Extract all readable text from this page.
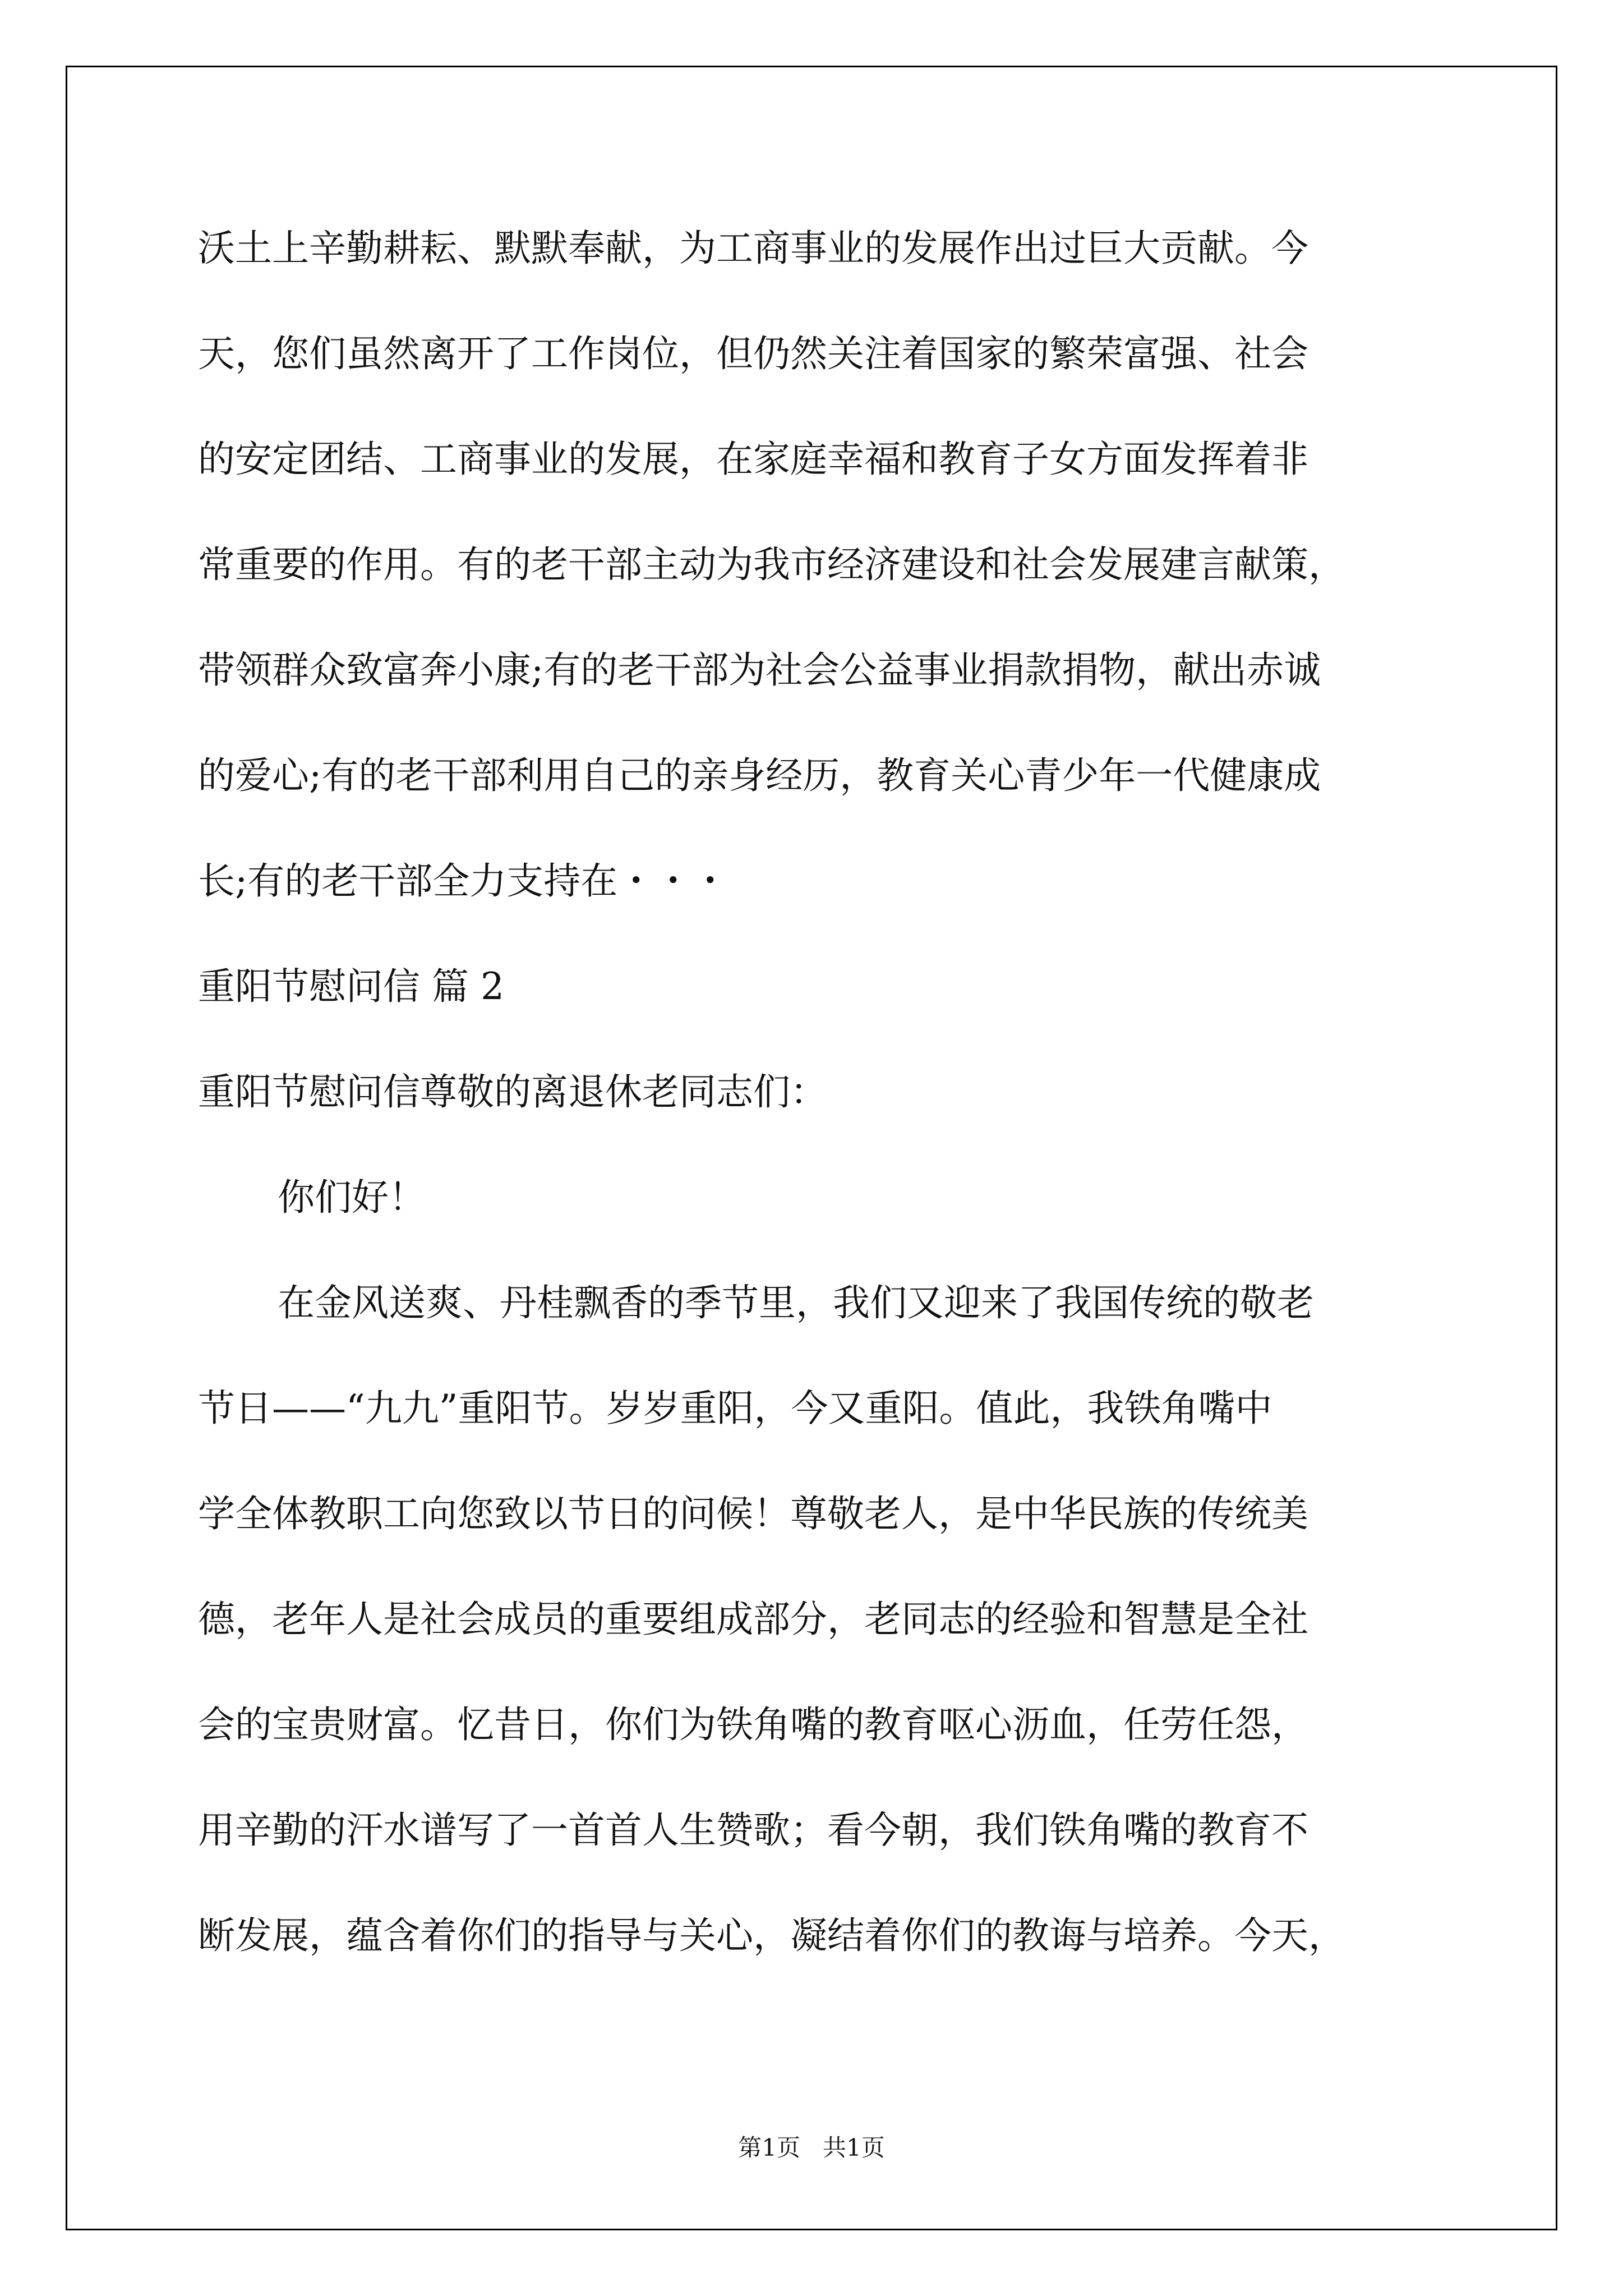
沃土上辛勤耕耘、默默奉献，为工商事业的发展作出过巨大贡献。今

天，您们虽然离开了工作岗位，但仍然关注着国家的繁荣富强、社会

的安定团结、工商事业的发展，在家庭幸福和教育子女方面发挥着非

常重要的作用。有的老干部主动为我市经济建设和社会发展建言献策，

带领群众致富奔小康;有的老干部为社会公益事业捐款捐物，献出赤诚

的爱心;有的老干部利用自己的亲身经历，教育关心青少年一代健康成

长;有的老干部全力支持在・・・

重阳节慰问信 篇 2

重阳节慰问信尊敬的离退休老同志们：

你们好！

在金风送爽、丹桂飘香的季节里，我们又迎来了我国传统的敬老

节日——“九九”重阳节。岁岁重阳，今又重阳。值此，我铁角嘴中

学全体教职工向您致以节日的问候！尊敬老人，是中华民族的传统美

德，老年人是社会成员的重要组成部分，老同志的经验和智慧是全社

会的宝贵财富。忆昔日，你们为铁角嘴的教育呕心沥血，任劳任怨，

用辛勤的汗水谱写了一首首人生赞歌；看今朝，我们铁角嘴的教育不

断发展，蕴含着你们的指导与关心，凝结着你们的教诲与培养。今天，

第1页   共1页
